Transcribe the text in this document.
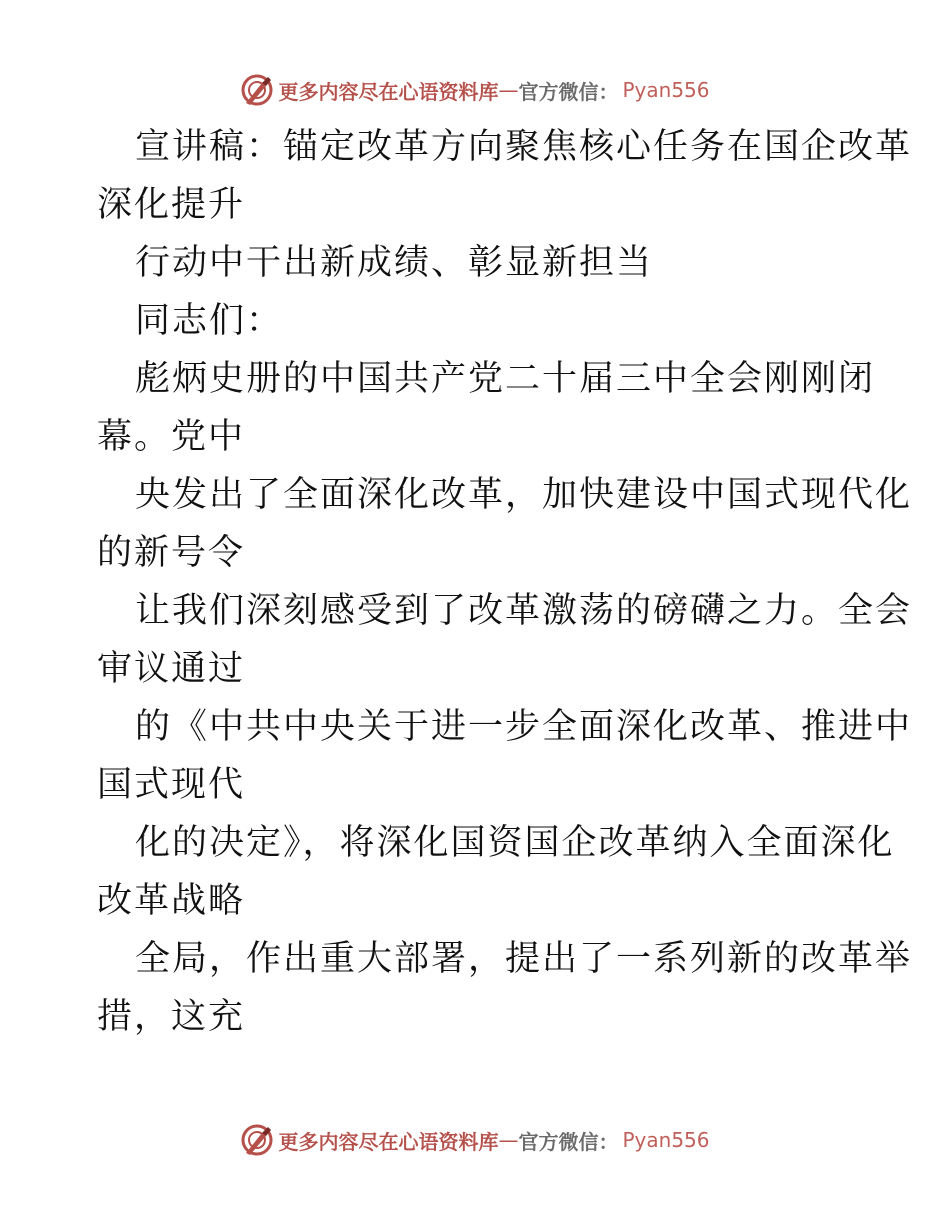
更多内容尽在心语资料库 — 官方微信： Pyan556
宣讲稿：锚定改革方向聚焦核心任务在国企改革
深化提升
行动中干出新成绩、彰显新担当
同志们：
彪炳史册的中国共产党二十届三中全会刚刚闭
幕。党中
央发出了全面深化改革，加快建设中国式现代化
的新号令
让我们深刻感受到了改革激荡的磅礴之力。全会
审议通过
的《中共中央关于进一步全面深化改革、推进中
国式现代
化的决定》，将深化国资国企改革纳入全面深化
改革战略
全局，作出重大部署，提出了一系列新的改革举
措，这充
更多内容尽在心语资料库 — 官方微信： Pyan556
